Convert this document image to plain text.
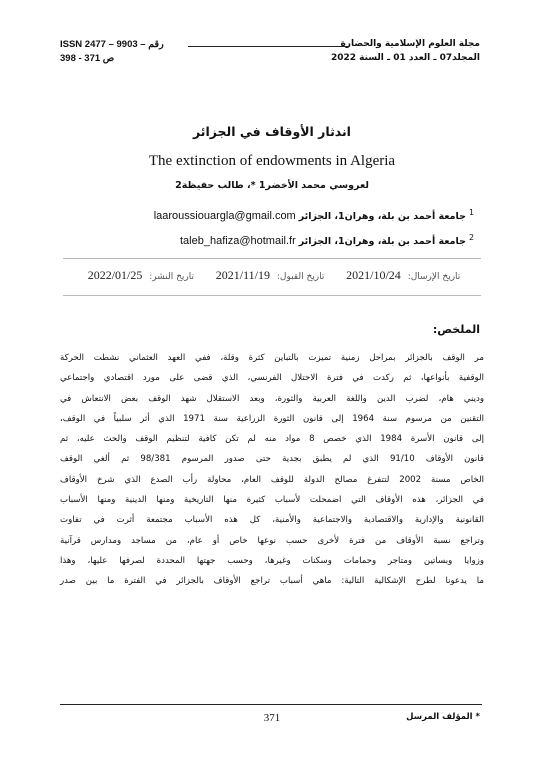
مجلة العلوم الإسلامية والحضارة
المجلد07 ـ العدد 01 ـ السنة 2022
ISSN 2477 – 9903 – رقم
398 - 371 ص
اندثار الأوقاف في الجزائر
The extinction of endowments in Algeria
لعروسي محمد الأخضر1 *، طالب حفيظة2
$^1$ جامعة أحمد بن بلة، وهران1، الجزائر laaroussiouargla@gmail.com
$^2$ جامعة أحمد بن بلة، وهران1، الجزائر taleb_hafiza@hotmail.fr
تاريخ الإرسال: 2021/10/24  تاريخ القبول: 2021/11/19  تاريخ النشر: 2022/01/25
الملخص:
مر الوقف بالجزائر بمراحل زمنية تميزت بالتباين كثرة وقلة، ففي العهد العثماني نشطت الحركة
الوقفية بأنواعها، ثم ركدت في فترة الاحتلال الفرنسي، الذي قضى على مورد اقتصادي واجتماعي
وديني هام، لضرب الدين واللغة العربية والثورة، وبعد الاستقلال شهد الوقف بعض الانتعاش في
التقنين من مرسوم سنة 1964 إلى قانون الثورة الزراعية سنة 1971 الذي أثر سلبياً في الوقف،
إلى قانون الأسرة 1984 الذي خصص 8 مواد منه لم تكن كافية لتنظيم الوقف والحث عليه، ثم
قانون الأوقاف 91/10 الذي لم يطبق بجدية حتى صدور المرسوم 98/381 ثم ألغي الوقف
الخاص مسنة 2002 لتتفرغ مصالح الدولة للوقف العام، محاولة رأب الصدع الذي شرخ الأوقاف
في الجزائر، هذه الأوقاف التي اضمحلت لأسباب كثيرة منها التاريخية ومنها الدينية ومنها الأسباب
القانونية والإدارية والاقتصادية والاجتماعية والأمنية، كل هذه الأسباب مجتمعة أثرت في تفاوت
وتراجع نسبة الأوقاف من فترة لأخرى حسب نوعها خاص أو عام، من مساجد ومدارس قرآنية
وزوايا وبساتين ومتاجر وحمامات وسكنات وغيرها، وحسب جهتها المحددة لصرفها عليها، وهذا
ما يدعونا لطرح الإشكالية التالية: ماهي أسباب تراجع الأوقاف بالجزائر في الفترة ما بين صدر
371	* المؤلف المرسل
